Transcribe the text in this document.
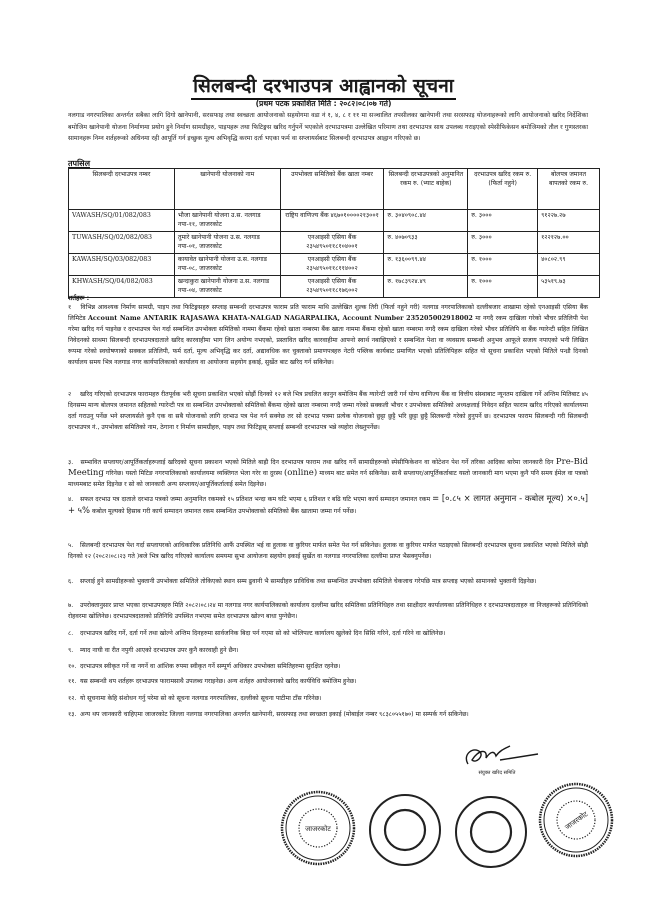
सिलबन्दी दरभाउपत्र आह्वानको सूचना
(प्रथम पटक प्रकाशित मिति : २०८२।०८।०७ गते)
नलगाड नगरपालिका अन्तर्गत सबैका लागि दिगो खानेपानी, सरसफाइ तथा स्वच्छता आयोजनाको सहयोगमा वडा नं १, ४, ८ र ११ मा सञ्चालित तपसीलका खानेपानी तथा सरसफाइ योजनाहरूको लागि आयोजनाको खरिद निर्देशिका बमोजिम खानेपानी योजना निर्माणमा प्रयोग हुने निर्माण सामग्रीहरु, पाइपहरू तथा फिटिङ्गस खरिद गर्नुपर्ने भएकोले दरभाउपत्रमा उल्लेखित परिमाण तथा दरभाउपत्र साथ उपलब्ध गराइएको स्पेसीफिकेसन बमोजिमको तौल र गुणस्तरका सामानहरू निम्न शर्तहरूको अधिनमा रही आपूर्ति गर्न इच्छुक मूल्य अभिवृद्धि करमा दर्ता भएका फर्म वा सप्लायर्सबाट सिलबन्दी दरभाउपत्र आह्वान गरिएको छ।
तपसिल
सिलबन्दी दरभाउपत्र नम्बर	खानेपानी योजनाको नाम	उपभोक्ता समितिको बैंक खाता नम्बर	सिलबन्दी दरभाउपत्रको अनुमानित रकम रु. (भ्याट बाहेक)	दरभाउपत्र खरिद रकम रु. (फिर्ता नहुने)	बोलपत्र जमानत बापतको रकम रु.
VAWASH/SQ/01/082/083	भौजा खानेपानी योजना उ.स. नलगाड नपा-११, जाजरकोट	राष्ट्रिय वाणिज्य बैंक ४६७०१००००२१३००१	रु. ३०४०९०८.४४	रु. ३०००	९१२२७.२७
TUWASH/SQ/02/082/083	तुमारे खानेपानी योजना उ.स. नलगाड नपा-०१, जाजरकोट	एनआइसी एसिया बैंक २३५४९५०११८१०४००१	रु. ४०७०९३३	रु. ३०००	१२२१२७.००
KAWASH/SQ/03/082/083	कायावेत खानेपानी योजना उ.स. नलगाड नपा-०८, जाजरकोट	एनआइसी एसिया बैंक २३५४९५०११८११४००२	रु. १३६००९९.४४	रु. १०००	४०८०२.९९
KHWASH/SQ/04/082/083	खन्दाकुरा खानेपानी योजना उ.स. नलगाड नपा-०४, जाजरकोट	एनआइसी एसिया बैंक २३५४९५०११८१७६००२	रु. १७८३९२४.४९	रु. १०००	५३५१९.७३
शर्तहरू :
१ विभिन्न आवश्यक निर्माण सामग्री, पाइप तथा फिटिङ्गसहरु सप्लाइ सम्बन्धी दरभाउपत्र फाराम प्रति फाराम माथि उल्लेखित शुल्क तिरी (फिर्ता नहुने गरी) नलगाड नगरपालिकाको दल्लीबजार शाखामा रहेको एनआइसी एसिया बैंक लिमिटेड Account Name ANTARIK RAJASAWA KHATA-NALGAD NAGARPALIKA, Account Number 235205002918002 मा नगदै रकम दाखिला गरेको भौचर प्रतिलिपी पेश गरेमा खरिद गर्न पाइनेछ र दरभाउपत्र पेश गर्दा सम्बन्धित उपभोक्ता समितिको नाममा बैंकमा रहेको खाता नम्बरमा बैंक खाता नाममा बैंकमा रहेको खाता नम्बरमा नगदै रकम दाखिला गरेको भौचर प्रतिलिपि वा बैंक ग्यारेन्टी सहित लिखित निवेदनको साथमा सिलबन्दी दरभाउपत्रदाताले खरिद कारवाहीमा भाग लिन अयोग्य नभएको, प्रस्तावित खरिद कारवाहीमा आफ्नो स्वार्थ नबाझिएको र सम्बन्धित पेशा वा व्यवसाय सम्बन्धी अनुभव आफूले सजाय नपाएको भनी लिखित रूपमा गरेको स्वघोषणाको सक्कल प्रतिलिपी, फर्म दर्ता, मूल्य अभिवृद्धि कर दर्ता, अद्यावधिक कर चुक्ताको प्रमाणपत्रहरु नेटरी पब्लिक कार्यबाट प्रमाणित भएको प्रतिलिपिहरू सहित यो सूचना प्रकाशित भएको मितिले पन्ध्रौ दिनको कार्यालय समय भित्र नलगाड नगर कार्यपालिकाको कार्यालय वा आयोजना सहयोग इकाई, सुर्खेत बाट खरिद गर्न सकिनेछ।
२ खरिद गरिएको दरभाउपत्र फारामहरु रीतपूर्वक भरी सूचना प्रकाशित भएको सोह्रौं दिनको १२ बजे भित्र प्रचलित कानुन बमोजिम बैंक ग्यारेन्टी जारी गर्न योग्य वाणिज्य बैंक वा वित्तीय संस्थाबाट न्यूनतम दाखिला गर्ने अन्तिम मितिबाट ४५ दिनसम्म मान्य बोलपत्र जमानत सहितको ग्यारेन्टी पत्र वा सम्बन्धित उपभोक्ताको समितिको बैंकमा रहेको खाता नम्बरमा नगदै जम्मा गरेको सक्कली भौचर र उपभोक्ता समितिको अध्यक्षलाई निवेदन सहित फाराम खरिद गरिएको कार्यालयमा दर्ता गराउनु पर्नेछ भने सप्लायर्सले कुनै एक वा सबै योजनाको लागि दरभाउ पत्र पेश गर्न सक्नेछ तर सो दरभाउ पत्रमा प्रत्येक योजनाको छुट्टा छुट्टै भरि छुट्टा छुट्टै सिलबन्दी गरेको हुनुपर्ने छ। दरभाउपत्र फाराम सिलबन्दी गरी सिलबन्दी दरभाउपत्र नं., उपभोक्ता समितिको नाम, ठेगाना र निर्माण सामग्रीहरु, पाइप तथा फिटिङ्गस् सप्लाई सम्बन्धी दरभाउपत्र भन्ने व्यहोरा लेख्नुपर्नेछ।
३. सम्भावित सप्लायर/आपूर्तिकर्ताहरूलाई खरिदको सूचना प्रकाशन भएको मितिले बाह्रौ दिन दरभाउपत्र फाराम तथा खरिद गर्ने सामाग्रीहरूको स्पेसीफिकेशन वा कोटेशन पेश गर्ने तरिका आदिका बारेमा जानकारी दिन Pre-Bid Meeting गरिनेछ। यस्तो मिटिङ नगरपालिकाको कार्यालयमा व्यक्तिगत भेला गरेर वा दुरस्थ (online) माध्यम बाट समेत गर्न सकिनेछ। साथै सप्लायर/आपूर्तिकर्ताबाट यस्तो जानकारी माग भएमा कुनै पनि समय ईमेल वा पत्रको माध्यमबाट समेत दिइनेछ र सो को जानकारी अन्य सप्लायर/आपूर्तिकर्तालाई समेत दिइनेछ।
४. सफल दरभाउ पत्र दाताले दरभाउ पत्रको जम्मा अनुमानित रकमको १५ प्रतिशत भन्दा कम घटि भएमा ६ प्रतिशत र बढि घटि भएमा कार्य सम्पादन जमानत रकम = [०.८५ × लागत अनुमान - कबोल मूल्य) ×०.५] + ५% कबोल मूल्यको हिसाब गरी कार्य सम्पादन जमानत रकम सम्बन्धित उपभोक्ताको समितिको बैंक खातामा जम्मा गर्न पर्नेछ।
५. सिलबन्दी दरभाउपत्र पेश गर्दा सप्लायरको आधिकारिक प्रतिनिधि आफैं उपस्थित भई वा हुलाक वा कुरियर मार्फत समेत पेश गर्न सकिनेछ। हुलाक वा कुरियर मार्फत पठाइएको सिलबन्दी दरभाउपत्र सूचना प्रकाशित भएको मितिले सोह्रौ दिनको १२ (२०८२।०८।२३ गते )बजे भित्र खरिद गरिएको कार्यालय समयमा सुभा आयोजना सहयोग इकाई सुर्खेत वा नलगाड नगरपालिका दल्लीमा प्राप्त भैसक्नुपर्नेछ।
६. सप्लाई हुने सामग्रीहरूको भुक्तानी उपभोक्ता समितिले तोकिएको स्थान सम्म ढुवानी भै सामग्रीहरु प्राविधिक तथा सम्बन्धित उपभोक्ता समितिले चेकजाच गरेपछि मात्र सप्लाइ भएको सामानको भुक्तानी दिइनेछ।
७. उपरोक्तानुसार प्राप्त भएका दरभाउपत्रहरु मिति २०८२।०८।२४ मा नलगाड नगर कार्यपालिकाको कार्यालय दल्लीमा खरिद समितिका प्रतिनिधिहरु तथा साक्षीदार कार्यालयका प्रतिनिधिहरु र दरभाउपत्रदाताहरु वा निजहरूको प्रतिनिधिको रोहवरमा खोलिनेछ। दरभाउपत्रदाताको प्रतिनिधि उपस्थित नभएमा समेत दरभाउपत्र खोल्न बाधा पुग्नेछैन।
८. दरभाउपत्र खरिद गर्ने, दर्ता गर्ने तथा खोल्ने अन्तिम दिनहरुमा सार्वजनिक बिदा पर्न गएमा सो को भोलिपल्ट कार्यालय खुलेको दिन सिसि गरिने, दर्ता गरिने वा खोलिनेछ।
९. म्याद नाघी वा रीत नपुगी आएको दरभाउपत्र उपर कुनै कारवाही हुने छैन।
१०. दरभाउपत्र स्वीकृत गर्ने वा नगर्ने वा आंशिक रुपमा स्वीकृत गर्ने सम्पूर्ण अधिकार उपभोक्ता समितिहरुमा सुरक्षित रहनेछ।
११. यस सम्बन्धी थप शर्तहरू दरभाउपत्र फारामसाथै उपलब्ध गराइनेछ। अन्य शर्तहरु आयोजनाको खरिद कार्यविधि बमोजिम हुनेछ।
१२. यो सूचनामा केहि संशोधन गर्नु परेमा सो को सूचना नलगाड नगरपालिका, दल्लीको सूचना पाटीमा टाँस गरिनेछ।
१३. अन्य थप जानकारी चाहिएमा जाजरकोट जिल्ला नलगाड नगरपालिका अन्तर्गत खानेपानी, सरसफाइ तथा स्वच्छता इकाई (मोबाईल नम्बर ९८३८०५५१७०) मा सम्पर्क गर्न सकिनेछ।
संयुक्त खरिद समिति
जाजरकोट	जाजरकोट
